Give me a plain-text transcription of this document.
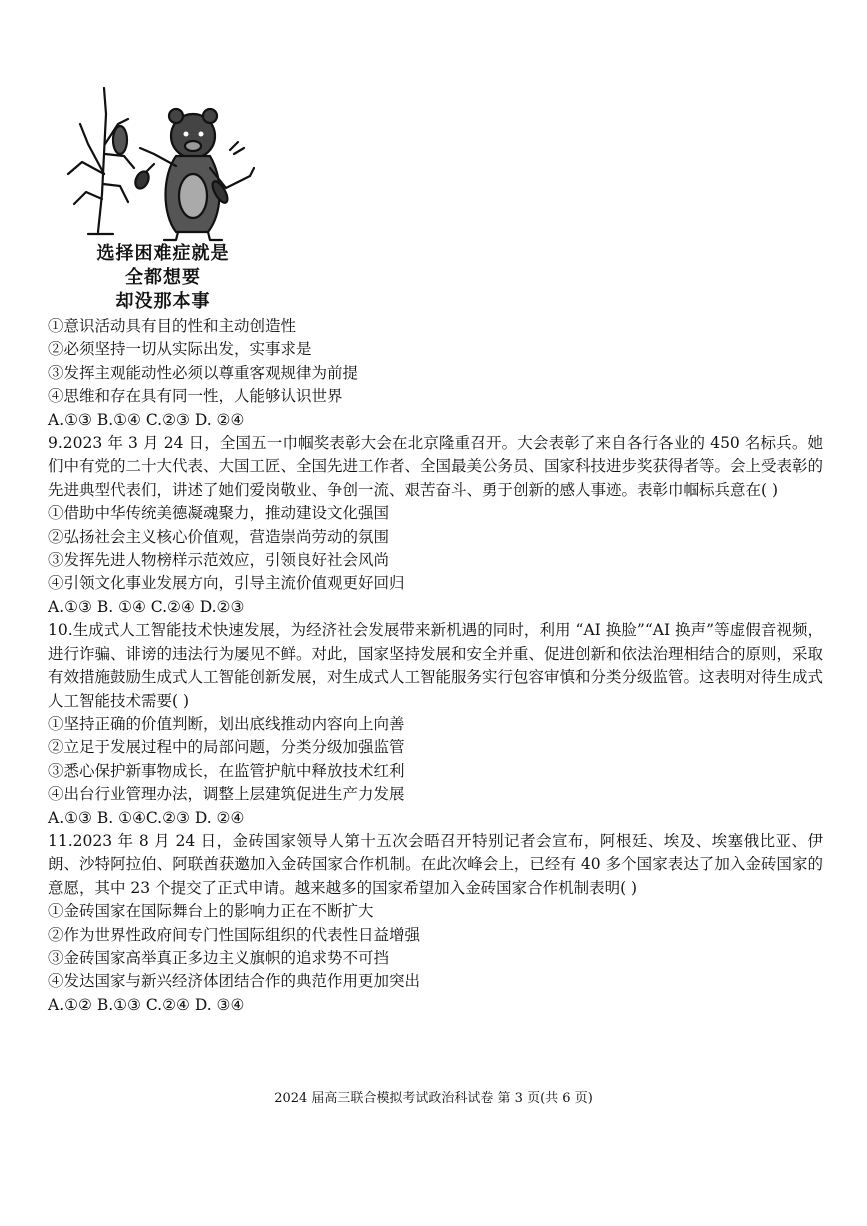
选择困难症就是
全都想要
却没那本事
①意识活动具有目的性和主动创造性
②必须坚持一切从实际出发，实事求是
③发挥主观能动性必须以尊重客观规律为前提
④思维和存在具有同一性，人能够认识世界
A.①③ B.①④ C.②③ D. ②④
9.2023 年 3 月 24 日，全国五一巾帼奖表彰大会在北京隆重召开。大会表彰了来自各行各业的 450 名标兵。她们中有党的二十大代表、大国工匠、全国先进工作者、全国最美公务员、国家科技进步奖获得者等。会上受表彰的先进典型代表们，讲述了她们爱岗敬业、争创一流、艰苦奋斗、勇于创新的感人事迹。表彰巾帼标兵意在( )
①借助中华传统美德凝魂聚力，推动建设文化强国
②弘扬社会主义核心价值观，营造崇尚劳动的氛围
③发挥先进人物榜样示范效应，引领良好社会风尚
④引领文化事业发展方向，引导主流价值观更好回归
A.①③ B. ①④ C.②④ D.②③
10.生成式人工智能技术快速发展，为经济社会发展带来新机遇的同时，利用 “AI 换脸”“AI 换声”等虚假音视频，进行诈骗、诽谤的违法行为屡见不鲜。对此，国家坚持发展和安全并重、促进创新和依法治理相结合的原则，采取有效措施鼓励生成式人工智能创新发展，对生成式人工智能服务实行包容审慎和分类分级监管。这表明对待生成式人工智能技术需要( )
①坚持正确的价值判断，划出底线推动内容向上向善
②立足于发展过程中的局部问题，分类分级加强监管
③悉心保护新事物成长，在监管护航中释放技术红利
④出台行业管理办法，调整上层建筑促进生产力发展
A.①③ B. ①④C.②③ D. ②④
11.2023 年 8 月 24 日，金砖国家领导人第十五次会晤召开特别记者会宣布，阿根廷、埃及、埃塞俄比亚、伊朗、沙特阿拉伯、阿联酋获邀加入金砖国家合作机制。在此次峰会上，已经有 40 多个国家表达了加入金砖国家的意愿，其中 23 个提交了正式申请。越来越多的国家希望加入金砖国家合作机制表明( )
①金砖国家在国际舞台上的影响力正在不断扩大
②作为世界性政府间专门性国际组织的代表性日益增强
③金砖国家高举真正多边主义旗帜的追求势不可挡
④发达国家与新兴经济体团结合作的典范作用更加突出
A.①② B.①③ C.②④ D. ③④
2024 届高三联合模拟考试政治科试卷 第 3 页(共 6 页)
